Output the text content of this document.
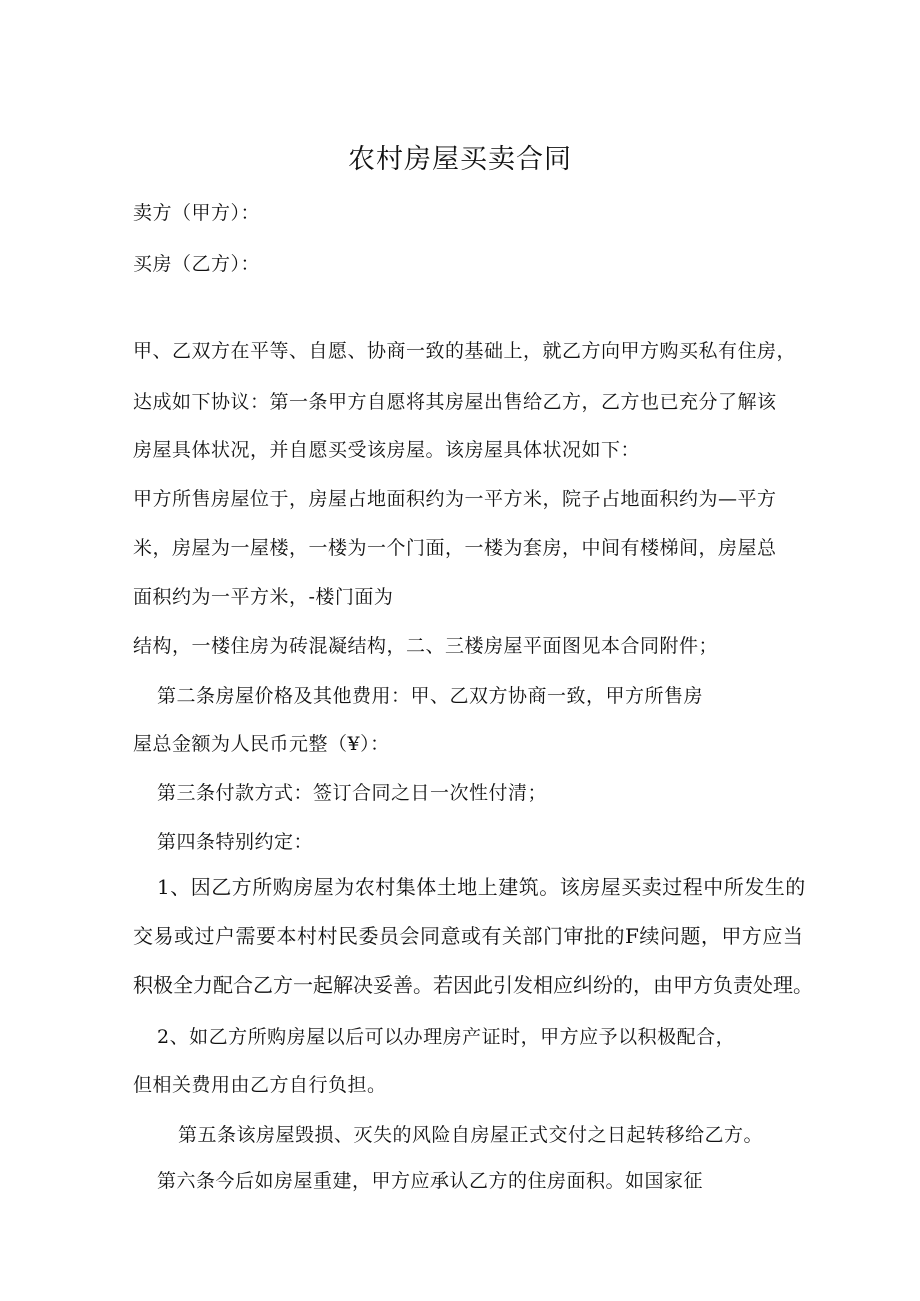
农村房屋买卖合同
卖方（甲方）：
买房（乙方）：
甲、乙双方在平等、自愿、协商一致的基础上，就乙方向甲方购买私有住房，
达成如下协议：第一条甲方自愿将其房屋出售给乙方，乙方也已充分了解该
房屋具体状况，并自愿买受该房屋。该房屋具体状况如下：
甲方所售房屋位于，房屋占地面积约为一平方米，院子占地面积约为—平方
米，房屋为一屋楼，一楼为一个门面，一楼为套房，中间有楼梯间，房屋总
面积约为一平方米，-楼门面为
结构，一楼住房为砖混凝结构，二、三楼房屋平面图见本合同附件；
第二条房屋价格及其他费用：甲、乙双方协商一致，甲方所售房
屋总金额为人民币元整（¥）：
第三条付款方式：签订合同之日一次性付清；
第四条特别约定：
1、因乙方所购房屋为农村集体土地上建筑。该房屋买卖过程中所发生的
交易或过户需要本村村民委员会同意或有关部门审批的F续问题，甲方应当
积极全力配合乙方一起解决妥善。若因此引发相应纠纷的，由甲方负责处理。
2、如乙方所购房屋以后可以办理房产证时，甲方应予以积极配合，
但相关费用由乙方自行负担。
第五条该房屋毁损、灭失的风险自房屋正式交付之日起转移给乙方。
第六条今后如房屋重建，甲方应承认乙方的住房面积。如国家征
